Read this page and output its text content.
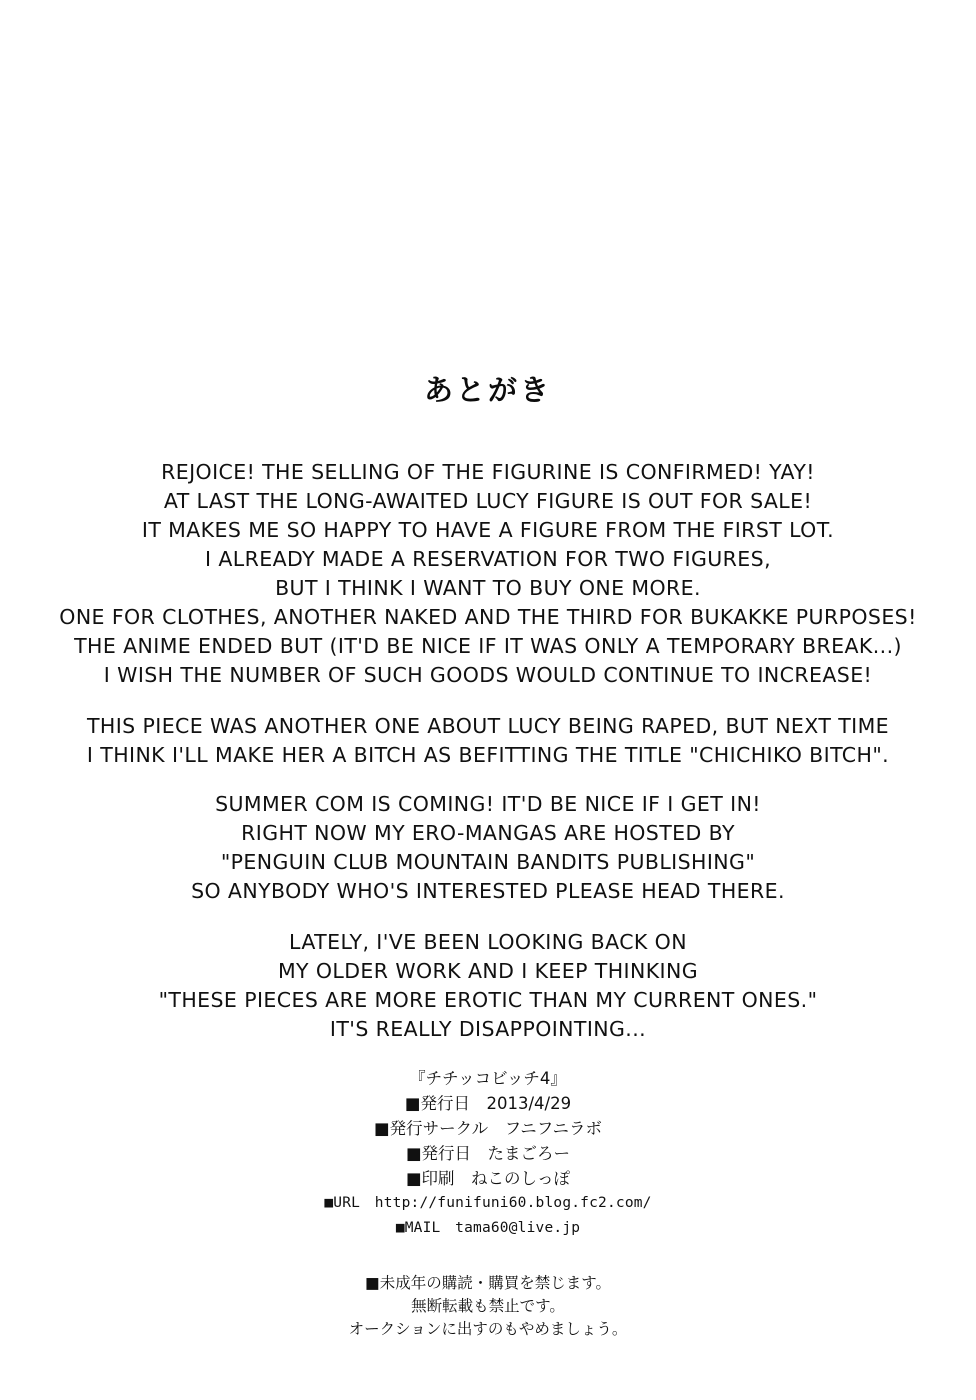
あとがき

REJOICE! THE SELLING OF THE FIGURINE IS CONFIRMED! YAY!

AT LAST THE LONG-AWAITED LUCY FIGURE IS OUT FOR SALE!

IT MAKES ME SO HAPPY TO HAVE A FIGURE FROM THE FIRST LOT.

I ALREADY MADE A RESERVATION FOR TWO FIGURES,

BUT I THINK I WANT TO BUY ONE MORE.

ONE FOR CLOTHES, ANOTHER NAKED AND THE THIRD FOR BUKAKKE PURPOSES!

THE ANIME ENDED BUT (IT'D BE NICE IF IT WAS ONLY A TEMPORARY BREAK...)

I WISH THE NUMBER OF SUCH GOODS WOULD CONTINUE TO INCREASE!

THIS PIECE WAS ANOTHER ONE ABOUT LUCY BEING RAPED, BUT NEXT TIME

I THINK I'LL MAKE HER A BITCH AS BEFITTING THE TITLE "CHICHIKO BITCH".

SUMMER COM IS COMING! IT'D BE NICE IF I GET IN!

RIGHT NOW MY ERO-MANGAS ARE HOSTED BY

"PENGUIN CLUB MOUNTAIN BANDITS PUBLISHING"

SO ANYBODY WHO'S INTERESTED PLEASE HEAD THERE.

LATELY, I'VE BEEN LOOKING BACK ON

MY OLDER WORK AND I KEEP THINKING

"THESE PIECES ARE MORE EROTIC THAN MY CURRENT ONES."

IT'S REALLY DISAPPOINTING...

『チチッコビッチ4』

■発行日　2013/4/29

■発行サークル　フニフニラボ

■発行日　たまごろー

■印刷　ねこのしっぽ

■URL　http://funifuni60.blog.fc2.com/

■MAIL　tama60@live.jp

■未成年の購読・購買を禁じます。

無断転載も禁止です。

オークションに出すのもやめましょう。
